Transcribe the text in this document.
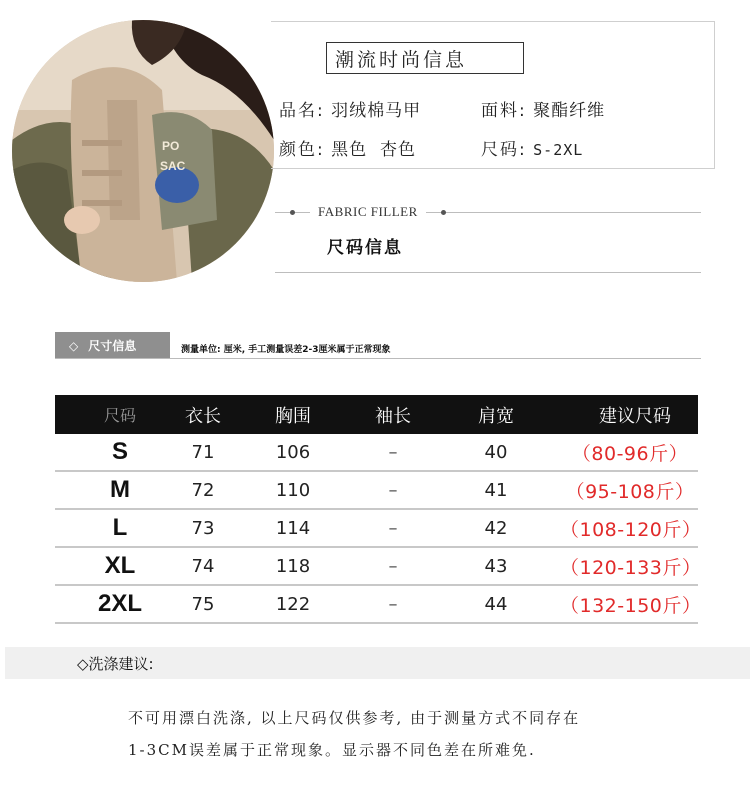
PO
SAC
潮流时尚信息
品名: 羽绒棉马甲	面料: 聚酯纤维
颜色: 黑色  杏色	尺码: S-2XL
FABRIC FILLER
尺码信息
◇ 尺寸信息	测量单位: 厘米, 手工测量误差2-3厘米属于正常现象
尺码	衣长	胸围	袖长	肩宽	建议尺码
S	71	106	–	40	（80-96斤）
M	72	110	–	41	（95-108斤）
L	73	114	–	42	（108-120斤）
XL	74	118	–	43	（120-133斤）
2XL	75	122	–	44	（132-150斤）
◇洗涤建议:
不可用漂白洗涤, 以上尺码仅供参考, 由于测量方式不同存在
1-3CM误差属于正常现象。显示器不同色差在所难免.
